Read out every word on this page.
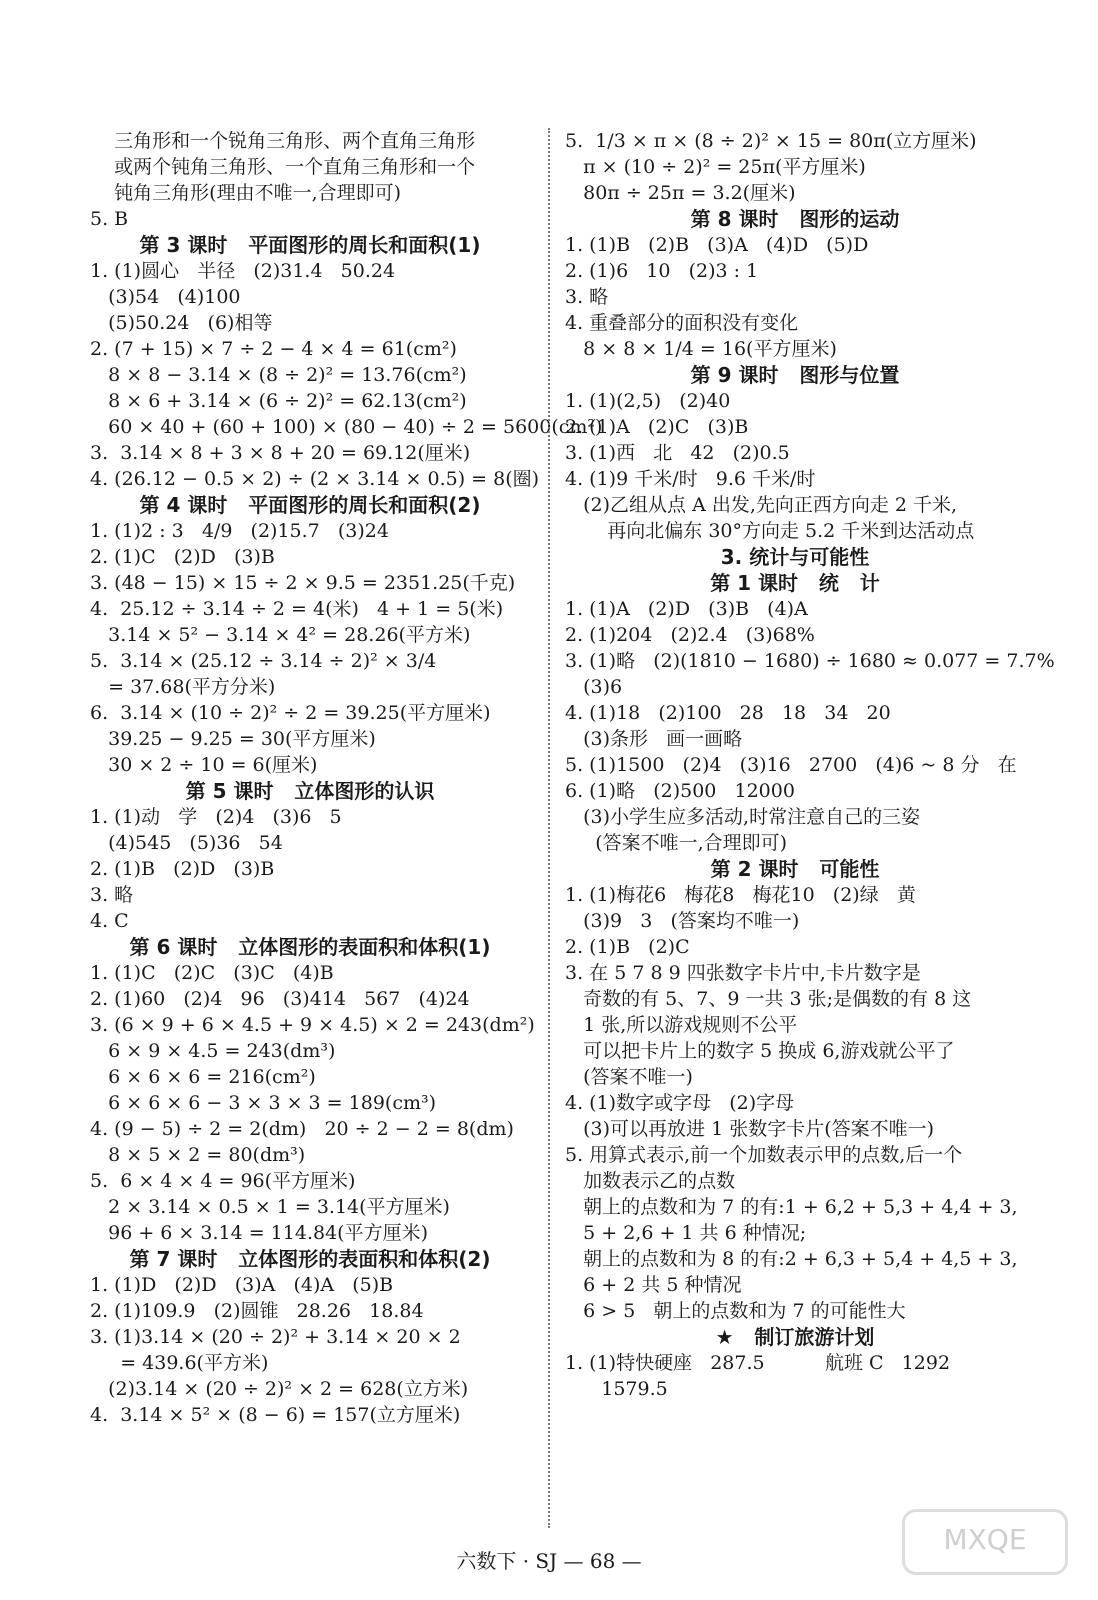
三角形和一个锐角三角形、两个直角三角形
或两个钝角三角形、一个直角三角形和一个
钝角三角形(理由不唯一,合理即可)
5. B
第 3 课时   平面图形的周长和面积(1)
1. (1)圆心   半径   (2)31.4   50.24
(3)54   (4)100
(5)50.24   (6)相等
2. (7 + 15) × 7 ÷ 2 − 4 × 4 = 61(cm²)
8 × 8 − 3.14 × (8 ÷ 2)² = 13.76(cm²)
8 × 6 + 3.14 × (6 ÷ 2)² = 62.13(cm²)
60 × 40 + (60 + 100) × (80 − 40) ÷ 2 = 5600(cm²)
3.  3.14 × 8 + 3 × 8 + 20 = 69.12(厘米)
4. (26.12 − 0.5 × 2) ÷ (2 × 3.14 × 0.5) = 8(圈)
第 4 课时   平面图形的周长和面积(2)
1. (1)2 : 3   4/9   (2)15.7   (3)24
2. (1)C   (2)D   (3)B
3. (48 − 15) × 15 ÷ 2 × 9.5 = 2351.25(千克)
4.  25.12 ÷ 3.14 ÷ 2 = 4(米)   4 + 1 = 5(米)
3.14 × 5² − 3.14 × 4² = 28.26(平方米)
5.  3.14 × (25.12 ÷ 3.14 ÷ 2)² × 3/4
= 37.68(平方分米)
6.  3.14 × (10 ÷ 2)² ÷ 2 = 39.25(平方厘米)
39.25 − 9.25 = 30(平方厘米)
30 × 2 ÷ 10 = 6(厘米)
第 5 课时   立体图形的认识
1. (1)动   学   (2)4   (3)6   5
(4)545   (5)36   54
2. (1)B   (2)D   (3)B
3. 略
4. C
第 6 课时   立体图形的表面积和体积(1)
1. (1)C   (2)C   (3)C   (4)B
2. (1)60   (2)4   96   (3)414   567   (4)24
3. (6 × 9 + 6 × 4.5 + 9 × 4.5) × 2 = 243(dm²)
6 × 9 × 4.5 = 243(dm³)
6 × 6 × 6 = 216(cm²)
6 × 6 × 6 − 3 × 3 × 3 = 189(cm³)
4. (9 − 5) ÷ 2 = 2(dm)   20 ÷ 2 − 2 = 8(dm)
8 × 5 × 2 = 80(dm³)
5.  6 × 4 × 4 = 96(平方厘米)
2 × 3.14 × 0.5 × 1 = 3.14(平方厘米)
96 + 6 × 3.14 = 114.84(平方厘米)
第 7 课时   立体图形的表面积和体积(2)
1. (1)D   (2)D   (3)A   (4)A   (5)B
2. (1)109.9   (2)圆锥   28.26   18.84
3. (1)3.14 × (20 ÷ 2)² + 3.14 × 20 × 2
= 439.6(平方米)
(2)3.14 × (20 ÷ 2)² × 2 = 628(立方米)
4.  3.14 × 5² × (8 − 6) = 157(立方厘米)
5.  1/3 × π × (8 ÷ 2)² × 15 = 80π(立方厘米)
π × (10 ÷ 2)² = 25π(平方厘米)
80π ÷ 25π = 3.2(厘米)
第 8 课时   图形的运动
1. (1)B   (2)B   (3)A   (4)D   (5)D
2. (1)6   10   (2)3 : 1
3. 略
4. 重叠部分的面积没有变化
8 × 8 × 1/4 = 16(平方厘米)
第 9 课时   图形与位置
1. (1)(2,5)   (2)40
2. (1)A   (2)C   (3)B
3. (1)西   北   42   (2)0.5
4. (1)9 千米/时   9.6 千米/时
(2)乙组从点 A 出发,先向正西方向走 2 千米,
再向北偏东 30°方向走 5.2 千米到达活动点
3. 统计与可能性
第 1 课时   统   计
1. (1)A   (2)D   (3)B   (4)A
2. (1)204   (2)2.4   (3)68%
3. (1)略   (2)(1810 − 1680) ÷ 1680 ≈ 0.077 = 7.7%
(3)6
4. (1)18   (2)100   28   18   34   20
(3)条形   画一画略
5. (1)1500   (2)4   (3)16   2700   (4)6 ~ 8 分   在
6. (1)略   (2)500   12000
(3)小学生应多活动,时常注意自己的三姿
(答案不唯一,合理即可)
第 2 课时   可能性
1. (1)梅花6   梅花8   梅花10   (2)绿   黄
(3)9   3   (答案均不唯一)
2. (1)B   (2)C
3. 在 5 7 8 9 四张数字卡片中,卡片数字是
奇数的有 5、7、9 一共 3 张;是偶数的有 8 这
1 张,所以游戏规则不公平
可以把卡片上的数字 5 换成 6,游戏就公平了
(答案不唯一)
4. (1)数字或字母   (2)字母
(3)可以再放进 1 张数字卡片(答案不唯一)
5. 用算式表示,前一个加数表示甲的点数,后一个
加数表示乙的点数
朝上的点数和为 7 的有:1 + 6,2 + 5,3 + 4,4 + 3,
5 + 2,6 + 1 共 6 种情况;
朝上的点数和为 8 的有:2 + 6,3 + 5,4 + 4,5 + 3,
6 + 2 共 5 种情况
6 > 5   朝上的点数和为 7 的可能性大
★   制订旅游计划
1. (1)特快硬座   287.5          航班 C   1292
1579.5
六数下 · SJ — 68 —
MXQE
